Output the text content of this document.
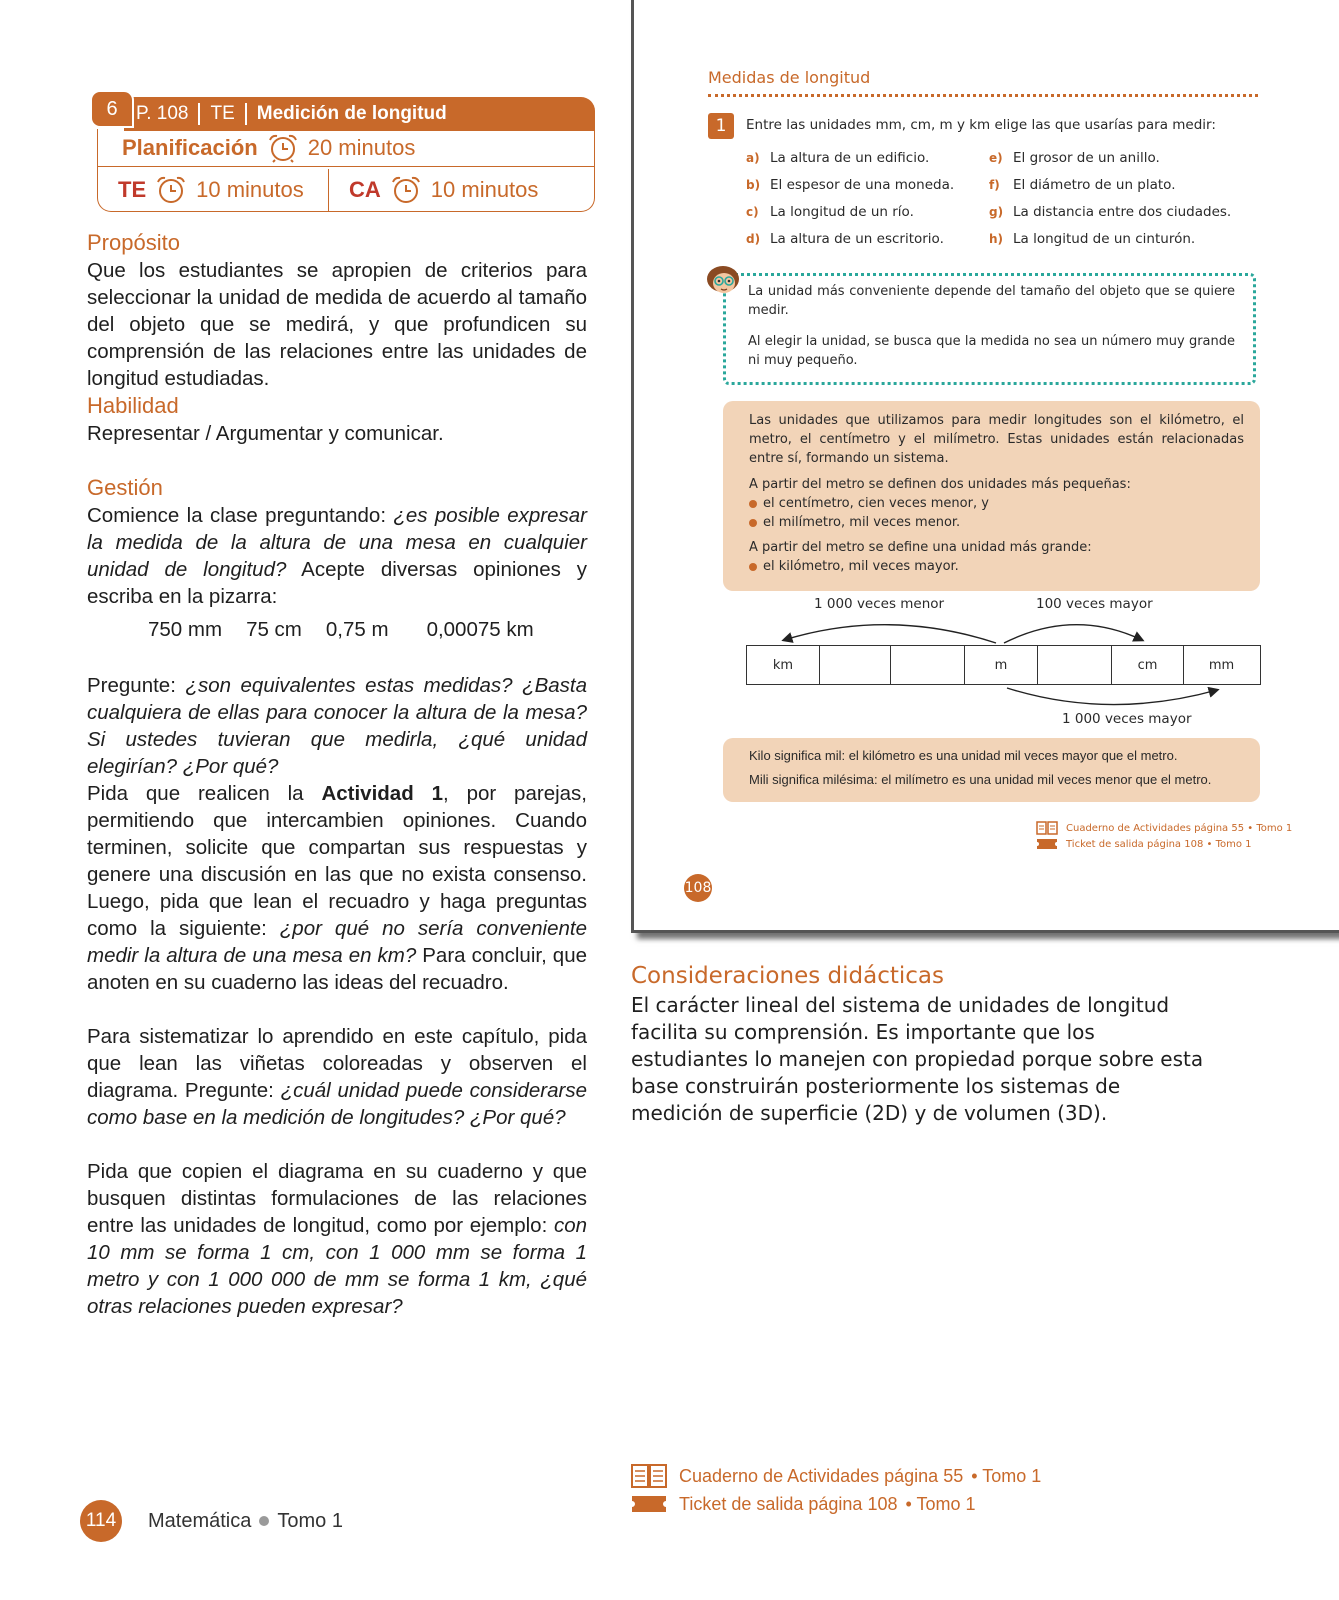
P. 108	TE	Medición de longitud
6
Planificación 20 minutos
TE 10 minutos CA 10 minutos
Propósito
Que los estudiantes se apropien de criterios para seleccionar la unidad de medida de acuerdo al tamaño del objeto que se medirá, y que profundicen su comprensión de las relaciones entre las unidades de longitud estudiadas.
Habilidad
Representar / Argumentar y comunicar.
Gestión
Comience la clase preguntando: ¿es posible expresar la medida de la altura de una mesa en cualquier unidad de longitud? Acepte diversas opiniones y escriba en la pizarra:
750 mm 75 cm 0,75 m 0,00075 km
Pregunte: ¿son equivalentes estas medidas? ¿Basta cualquiera de ellas para conocer la altura de la mesa? Si ustedes tuvieran que medirla, ¿qué unidad elegirían? ¿Por qué?
Pida que realicen la Actividad 1, por parejas, permitiendo que intercambien opiniones. Cuando terminen, solicite que compartan sus respuestas y genere una discusión en las que no exista consenso. Luego, pida que lean el recuadro y haga preguntas como la siguiente: ¿por qué no sería conveniente medir la altura de una mesa en km? Para concluir, que anoten en su cuaderno las ideas del recuadro.
Para sistematizar lo aprendido en este capítulo, pida que lean las viñetas coloreadas y observen el diagrama. Pregunte: ¿cuál unidad puede considerarse como base en la medición de longitudes? ¿Por qué?
Pida que copien el diagrama en su cuaderno y que busquen distintas formulaciones de las relaciones entre las unidades de longitud, como por ejemplo: con 10 mm se forma 1 cm, con 1 000 mm se forma 1 metro y con 1 000 000 de mm se forma 1 km, ¿qué otras relaciones pueden expresar?
114 Matemática Tomo 1
Medidas de longitud
1	Entre las unidades mm, cm, m y km elige las que usarías para medir:
a) La altura de un edificio.
b) El espesor de una moneda.
c) La longitud de un río.
d) La altura de un escritorio.
e) El grosor de un anillo.
f) El diámetro de un plato.
g) La distancia entre dos ciudades.
h) La longitud de un cinturón.
La unidad más conveniente depende del tamaño del objeto que se quiere medir.
Al elegir la unidad, se busca que la medida no sea un número muy grande ni muy pequeño.
Las unidades que utilizamos para medir longitudes son el kilómetro, el metro, el centímetro y el milímetro. Estas unidades están relacionadas entre sí, formando un sistema.
A partir del metro se definen dos unidades más pequeñas:
el centímetro, cien veces menor, y
el milímetro, mil veces menor.
A partir del metro se define una unidad más grande:
el kilómetro, mil veces mayor.
1 000 veces menor	100 veces mayor
km	m	cm	mm
1 000 veces mayor
Kilo significa mil: el kilómetro es una unidad mil veces mayor que el metro.
Mili significa milésima: el milímetro es una unidad mil veces menor que el metro.
Cuaderno de Actividades página 55 • Tomo 1
Ticket de salida página 108 • Tomo 1
108
Consideraciones didácticas
El carácter lineal del sistema de unidades de longitud facilita su comprensión. Es importante que los estudiantes lo manejen con propiedad porque sobre esta base construirán posteriormente los sistemas de medición de superficie (2D) y de volumen (3D).
Cuaderno de Actividades página 55 • Tomo 1
Ticket de salida página 108 • Tomo 1
